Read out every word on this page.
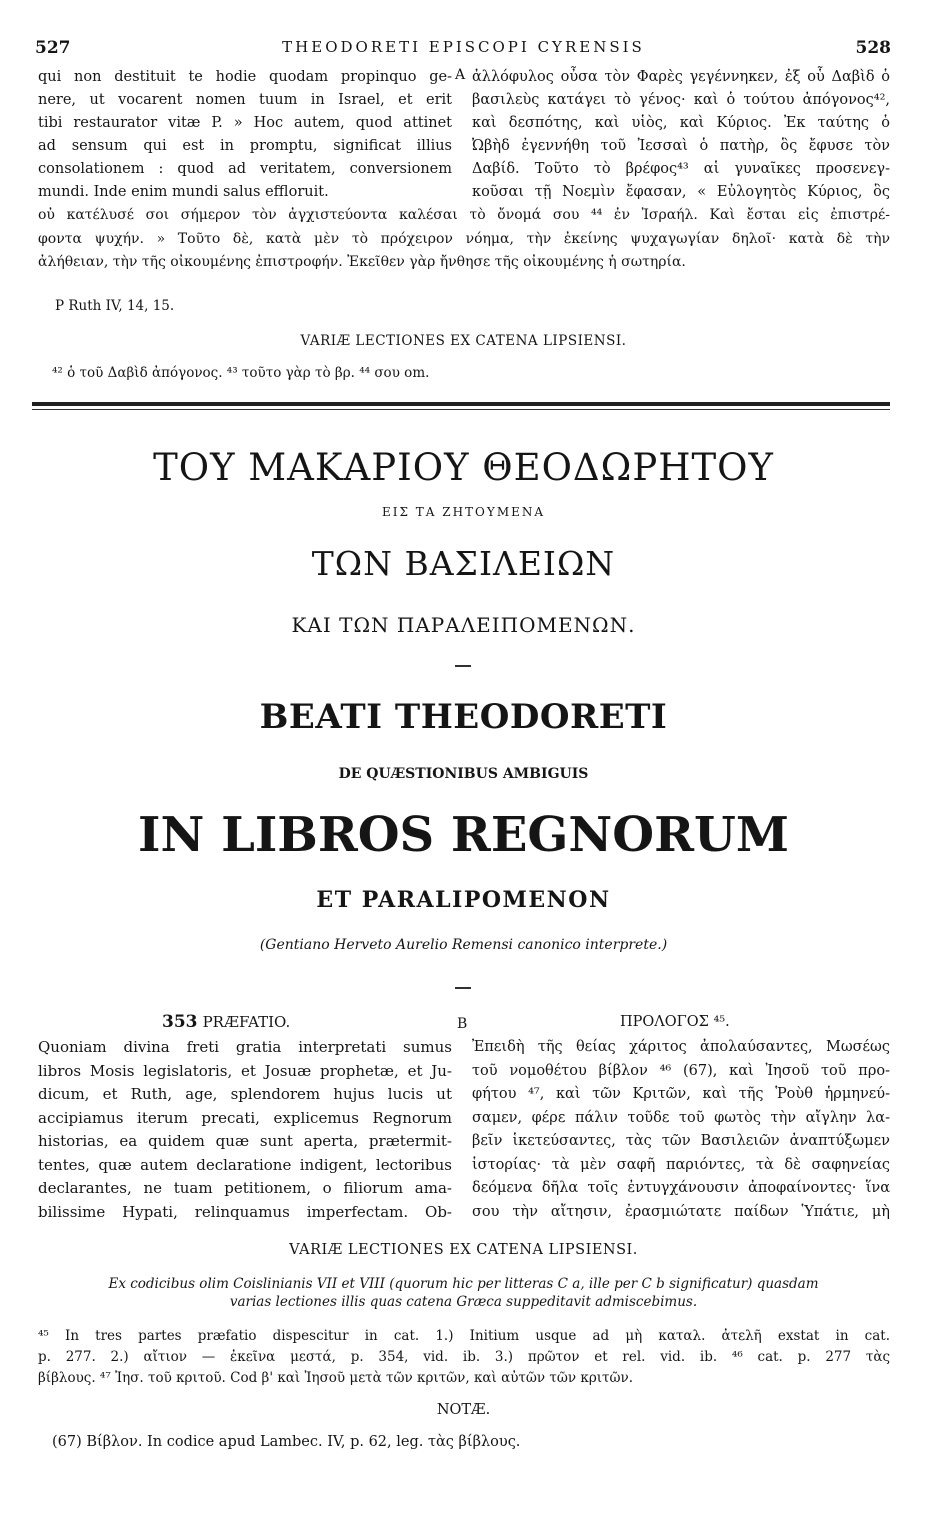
527	THEODORETI EPISCOPI CYRENSIS	528
qui non destituit te hodie quodam propinquo ge-
nere, ut vocarent nomen tuum in Israel, et erit
tibi restaurator vitæ P. » Hoc autem, quod attinet
ad sensum qui est in promptu, significat illius
consolationem : quod ad veritatem, conversionem
mundi. Inde enim mundi salus effloruit.
A ἀλλόφυλος οὖσα τὸν Φαρὲς γεγέννηκεν, ἐξ οὗ Δαβὶδ ὁ
βασιλεὺς κατάγει τὸ γένος· καὶ ὁ τούτου ἀπόγονος⁴²,
καὶ δεσπότης, καὶ υἱὸς, καὶ Κύριος. Ἐκ ταύτης ὁ
Ὠβὴδ ἐγεννήθη τοῦ Ἰεσσαὶ ὁ πατὴρ, ὃς ἔφυσε τὸν
Δαβίδ. Τοῦτο τὸ βρέφος⁴³ αἱ γυναῖκες προσενεγ-
κοῦσαι τῇ Νοεμὶν ἔφασαν, « Εὐλογητὸς Κύριος, ὃς
οὐ κατέλυσέ σοι σήμερον τὸν ἀγχιστεύοντα καλέσαι τὸ ὄνομά σου ⁴⁴ ἐν Ἰσραήλ. Καὶ ἔσται εἰς ἐπιστρέ-
φοντα ψυχήν. » Τοῦτο δὲ, κατὰ μὲν τὸ πρόχειρον νόημα, τὴν ἐκείνης ψυχαγωγίαν δηλοῖ· κατὰ δὲ τὴν
ἀλήθειαν, τὴν τῆς οἰκουμένης ἐπιστροφήν. Ἐκεῖθεν γὰρ ἤνθησε τῆς οἰκουμένης ἡ σωτηρία.
P Ruth IV, 14, 15.
VARIÆ LECTIONES EX CATENA LIPSIENSI.
⁴² ὁ τοῦ Δαβὶδ ἀπόγονος. ⁴³ τοῦτο γὰρ τὸ βρ. ⁴⁴ σου om.
ΤΟΥ ΜΑΚΑΡΙΟΥ ΘΕΟΔΩΡΗΤΟΥ
ΕΙΣ ΤΑ ΖΗΤΟΥΜΕΝΑ
ΤΩΝ ΒΑΣΙΛΕΙΩΝ
ΚΑΙ ΤΩΝ ΠΑΡΑΛΕΙΠΟΜΕΝΩΝ.
BEATI THEODORETI
DE QUÆSTIONIBUS AMBIGUIS
IN LIBROS REGNORUM
ET PARALIPOMENON
(Gentiano Herveto Aurelio Remensi canonico interprete.)
353 PRÆFATIO.	B	ΠΡΟΛΟΓΟΣ ⁴⁵.
Quoniam divina freti gratia interpretati sumus
libros Mosis legislatoris, et Josuæ prophetæ, et Ju-
dicum, et Ruth, age, splendorem hujus lucis ut
accipiamus iterum precati, explicemus Regnorum
historias, ea quidem quæ sunt aperta, prætermit-
tentes, quæ autem declaratione indigent, lectoribus
declarantes, ne tuam petitionem, o filiorum ama-
bilissime Hypati, relinquamus imperfectam. Ob-
Ἐπειδὴ τῆς θείας χάριτος ἀπολαύσαντες, Μωσέως
τοῦ νομοθέτου βίβλον ⁴⁶ (67), καὶ Ἰησοῦ τοῦ προ-
φήτου ⁴⁷, καὶ τῶν Κριτῶν, καὶ τῆς Ῥοὺθ ἡρμηνεύ-
σαμεν, φέρε πάλιν τοῦδε τοῦ φωτὸς τὴν αἴγλην λα-
βεῖν ἱκετεύσαντες, τὰς τῶν Βασιλειῶν ἀναπτύξωμεν
ἱστορίας· τὰ μὲν σαφῆ παριόντες, τὰ δὲ σαφηνείας
δεόμενα δῆλα τοῖς ἐντυγχάνουσιν ἀποφαίνοντες· ἵνα
σου τὴν αἴτησιν, ἐρασμιώτατε παίδων Ὑπάτιε, μὴ
VARIÆ LECTIONES EX CATENA LIPSIENSI.
Ex codicibus olim Coislinianis VII et VIII (quorum hic per litteras C a, ille per C b significatur) quasdam
varias lectiones illis quas catena Græca suppeditavit admiscebimus.
⁴⁵ In tres partes præfatio dispescitur in cat. 1.) Initium usque ad μὴ καταλ. ἀτελῆ exstat in cat.
p. 277. 2.) αἴτιον — ἐκεῖνα μεστά, p. 354, vid. ib. 3.) πρῶτον et rel. vid. ib. ⁴⁶ cat. p. 277 τὰς
βίβλους. ⁴⁷ Ἰησ. τοῦ κριτοῦ. Cod β' καὶ Ἰησοῦ μετὰ τῶν κριτῶν, καὶ αὐτῶν τῶν κριτῶν.
NOTÆ.
(67) Βίβλον. In codice apud Lambec. IV, p. 62, leg. τὰς βίβλους.
